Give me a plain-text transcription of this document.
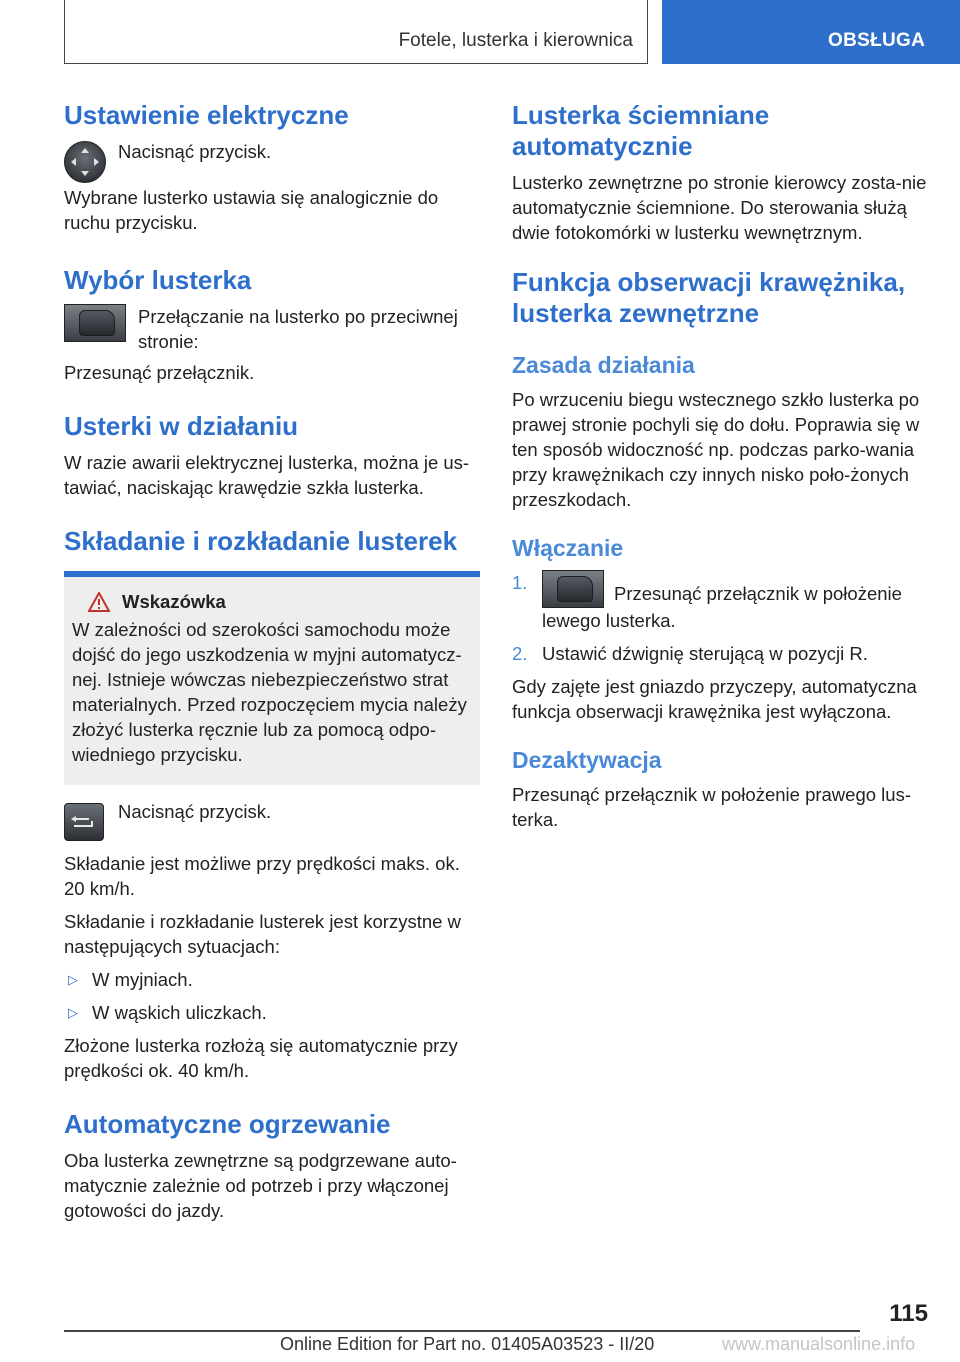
Fotele, lusterka i kierownica	OBSŁUGA
Ustawienie elektryczne
Nacisnąć przycisk.

Wybrane lusterko ustawia się analogicznie do ruchu przycisku.

Wybór lusterka
Przełączanie na lusterko po przeciwnej stronie:

Przesunąć przełącznik.

Usterki w działaniu

W razie awarii elektrycznej lusterka, można je us-tawiać, naciskając krawędzie szkła lusterka.

Składanie i rozkładanie lusterek
Wskazówka

W zależności od szerokości samochodu może dojść do jego uszkodzenia w myjni automatycz-nej. Istnieje wówczas niebezpieczeństwo strat materialnych. Przed rozpoczęciem mycia należy złożyć lusterka ręcznie lub za pomocą odpo-wiedniego przycisku.

Nacisnąć przycisk.

Składanie jest możliwe przy prędkości maks. ok. 20 km/h.

Składanie i rozkładanie lusterek jest korzystne w następujących sytuacjach:

▷ W myjniach.
▷ W wąskich uliczkach.

Złożone lusterka rozłożą się automatycznie przy prędkości ok. 40 km/h.

Automatyczne ogrzewanie

Oba lusterka zewnętrzne są podgrzewane auto-matycznie zależnie od potrzeb i przy włączonej gotowości do jazdy.

Lusterka ściemniane automatycznie

Lusterko zewnętrzne po stronie kierowcy zosta-nie automatycznie ściemnione. Do sterowania służą dwie fotokomórki w lusterku wewnętrznym.

Funkcja obserwacji krawężnika, lusterka zewnętrzne
Zasada działania

Po wrzuceniu biegu wstecznego szkło lusterka po prawej stronie pochyli się do dołu. Poprawia się w ten sposób widoczność np. podczas parko-wania przy krawężnikach czy innych nisko poło-żonych przeszkodach.

Włączanie
1.
Przesunąć przełącznik w położenie lewego lusterka.
2. Ustawić dźwignię sterującą w pozycji R.

Gdy zajęte jest gniazdo przyczepy, automatyczna funkcja obserwacji krawężnika jest wyłączona.

Dezaktywacja

Przesunąć przełącznik w położenie prawego lus-terka.

115
Online Edition for Part no. 01405A03523 - II/20	www.manualsonline.info
